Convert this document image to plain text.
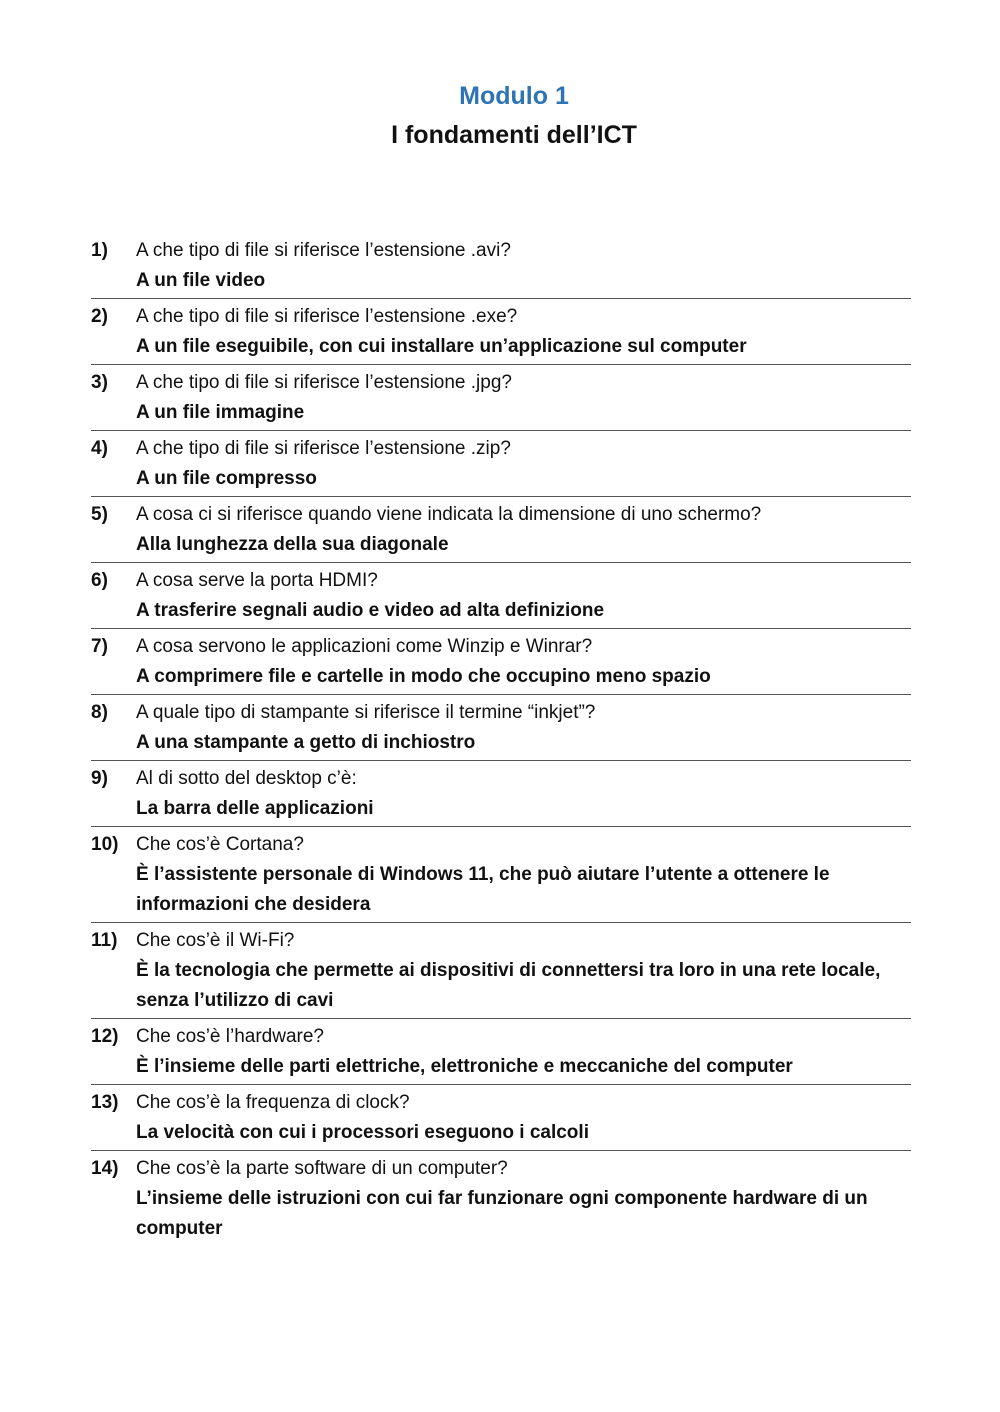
Modulo 1
I fondamenti dell’ICT
1)	A che tipo di file si riferisce l’estensione .avi?
A un file video
2)	A che tipo di file si riferisce l’estensione .exe?
A un file eseguibile, con cui installare un’applicazione sul computer
3)	A che tipo di file si riferisce l’estensione .jpg?
A un file immagine
4)	A che tipo di file si riferisce l’estensione .zip?
A un file compresso
5)	A cosa ci si riferisce quando viene indicata la dimensione di uno schermo?
Alla lunghezza della sua diagonale
6)	A cosa serve la porta HDMI?
A trasferire segnali audio e video ad alta definizione
7)	A cosa servono le applicazioni come Winzip e Winrar?
A comprimere file e cartelle in modo che occupino meno spazio
8)	A quale tipo di stampante si riferisce il termine “inkjet”?
A una stampante a getto di inchiostro
9)	Al di sotto del desktop c’è:
La barra delle applicazioni
10) Che cos’è Cortana?
È l’assistente personale di Windows 11, che può aiutare l’utente a ottenere le informazioni che desidera
11) Che cos’è il Wi-Fi?
È la tecnologia che permette ai dispositivi di connettersi tra loro in una rete locale, senza l’utilizzo di cavi
12) Che cos’è l’hardware?
È l’insieme delle parti elettriche, elettroniche e meccaniche del computer
13) Che cos’è la frequenza di clock?
La velocità con cui i processori eseguono i calcoli
14) Che cos’è la parte software di un computer?
L’insieme delle istruzioni con cui far funzionare ogni componente hardware di un computer
